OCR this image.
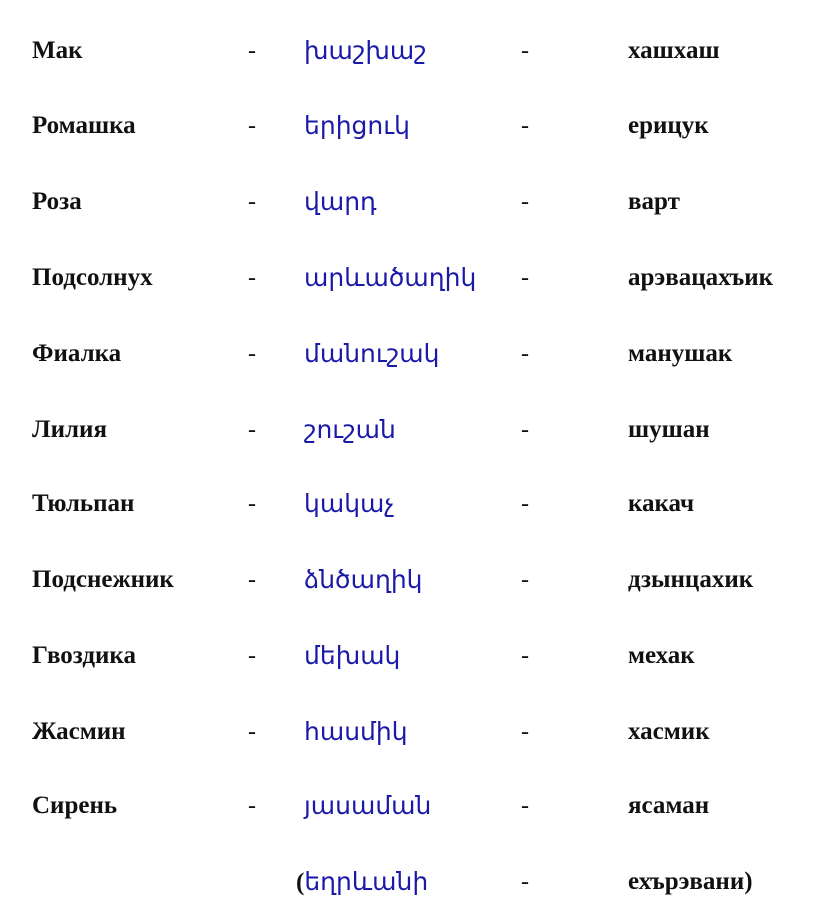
Мак	- խաշխաշ	-	хашхаш
Ромашка	- երիցուկ	-	ерицук
Роза	- վարդ	-	варт
Подсолнух	- արևածաղիկ -	арэвацахъик
Фиалка	- մանուշակ	-	манушак
Лилия	- շուշան	-	шушан
Тюльпан	- կակաչ	-	какач
Подснежник	- ձնծաղիկ	-	дзынцахик
Гвоздика	- մեխակ	-	мехак
Жасмин	- հասմիկ	-	хасмик
Сирень	- յասաման	-	ясаман
(եղրևանի	-	ехърэвани)
